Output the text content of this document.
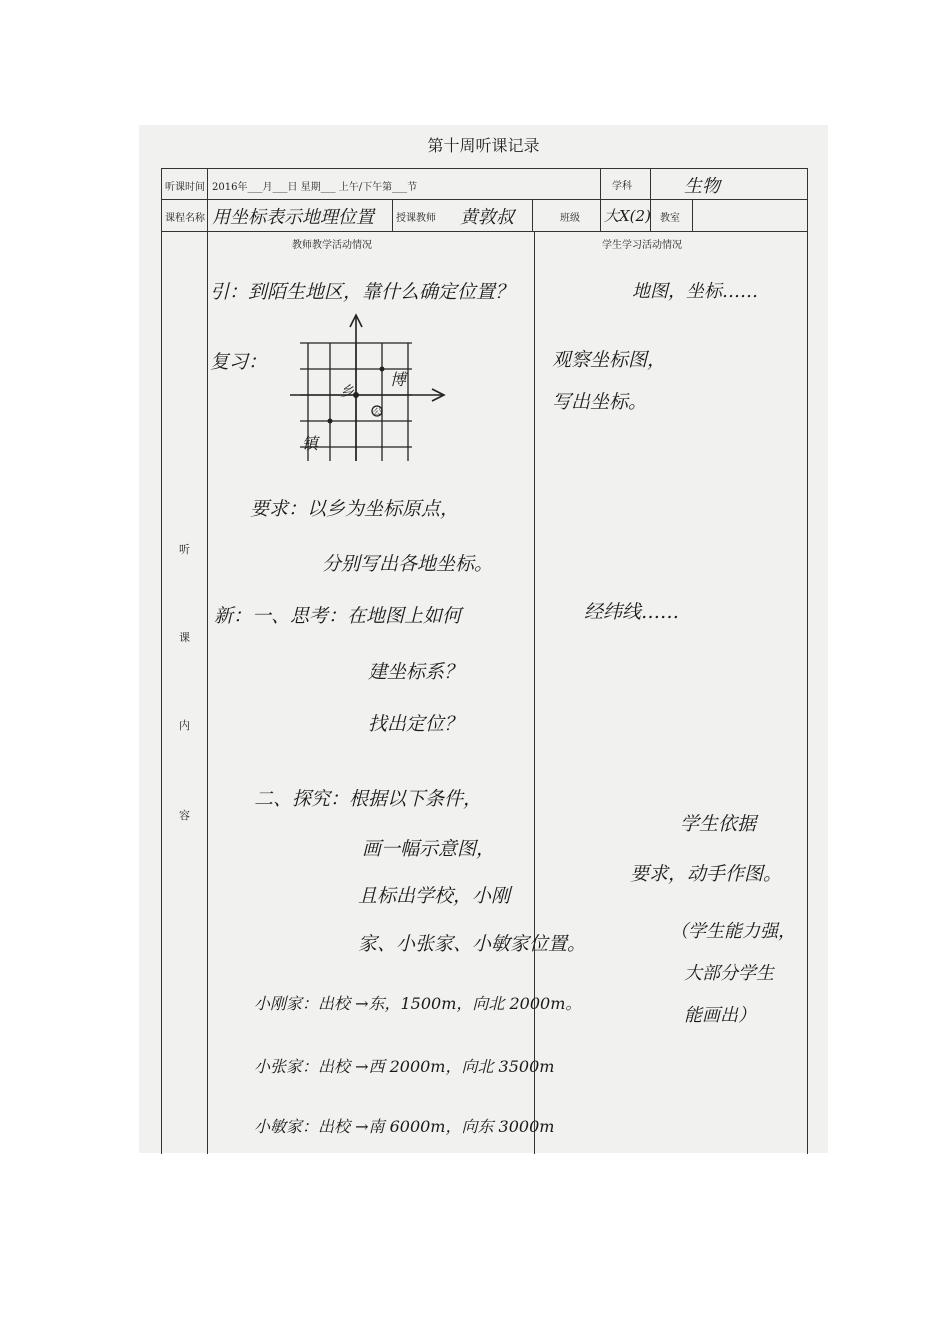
第十周听课记录
听课时间 2016年___月___日 星期___ 上午/下午第___节	学科	生物
课程名称 用坐标表示地理位置 授课教师 黄敦叔	班级 大X(2) 教室
教师教学活动情况	学生学习活动情况
听
课
内
容
引：到陌生地区，靠什么确定位置？
复习：
博
乡
公
镇
要求：以乡为坐标原点，
分别写出各地坐标。
新：一、思考：在地图上如何
建坐标系？
找出定位？
二、探究：根据以下条件，
画一幅示意图，
且标出学校，小刚
家、小张家、小敏家位置。
小刚家：出校 →东，1500m，向北 2000m。
小张家：出校 →西 2000m，向北 3500m
小敏家：出校 →南 6000m，向东 3000m
地图，坐标……
观察坐标图，
写出坐标。
经纬线……
学生依据
要求，动手作图。
（学生能力强，
大部分学生
能画出）
